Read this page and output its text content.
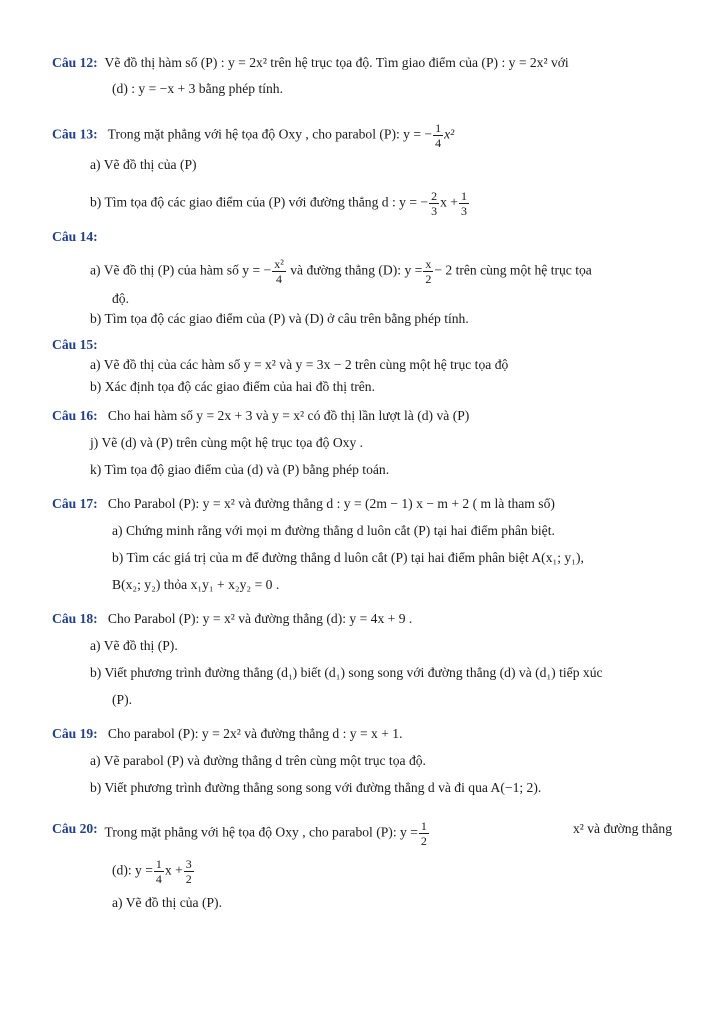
Câu 12: Vẽ đồ thị hàm số (P) : y = 2x² trên hệ trục tọa độ. Tìm giao điểm của (P) : y = 2x² với
(d) : y = −x + 3 bằng phép tính.
Câu 13: Trong mặt phẳng với hệ tọa độ Oxy , cho parabol (P): y = − $\frac{1}{4} x^2$
a) Vẽ đồ thị của (P)
b) Tìm tọa độ các giao điểm của (P) với đường thẳng d : y = − $\frac{2}{3}$ $x + \frac{1}{3}$
Câu 14:
a) Vẽ đồ thị (P) của hàm số y = − $\frac{\text{x²}}{4}$ và đường thẳng (D): $y = \frac{x}{2} - 2$ trên cùng một hệ trục tọa
độ.
b) Tìm tọa độ các giao điểm của (P) và (D) ở câu trên bằng phép tính.
Câu 15:
a) Vẽ đồ thị của các hàm số y = x² và y = 3x − 2 trên cùng một hệ trục tọa độ
b) Xác định tọa độ các giao điểm của hai đồ thị trên.
Câu 16: Cho hai hàm số y = 2x + 3 và y = x² có đồ thị lần lượt là (d) và (P)
j) Vẽ (d) và (P) trên cùng một hệ trục tọa độ Oxy .
k) Tìm tọa độ giao điểm của (d) và (P) bằng phép toán.
Câu 17: Cho Parabol (P): y = x² và đường thẳng d : y = (2m − 1) x − m + 2 ( m là tham số)
a) Chứng minh rằng với mọi m đường thẳng d luôn cắt (P) tại hai điểm phân biệt.
b) Tìm các giá trị của m để đường thẳng d luôn cắt (P) tại hai điểm phân biệt A(x₁; y₁),
B(x₂; y₂) thỏa x₁y₁ + x₂y₂ = 0 .
Câu 18: Cho Parabol (P): y = x² và đường thẳng (d): y = 4x + 9 .
a) Vẽ đồ thị (P).
b) Viết phương trình đường thẳng (d₁) biết (d₁) song song với đường thẳng (d) và (d₁) tiếp xúc
(P).
Câu 19: Cho parabol (P): y = 2x² và đường thẳng d : y = x + 1.
a) Vẽ parabol (P) và đường thẳng d trên cùng một trục tọa độ.
b) Viết phương trình đường thẳng song song với đường thẳng d và đi qua A(−1; 2).
Câu 20: Trong mặt phẳng với hệ tọa độ Oxy , cho parabol (P): $y = \frac{1}{2}$	x² và đường thẳng
(d): $y = \frac{1}{4}$ $x + \frac{3}{2}$
a) Vẽ đồ thị của (P).
